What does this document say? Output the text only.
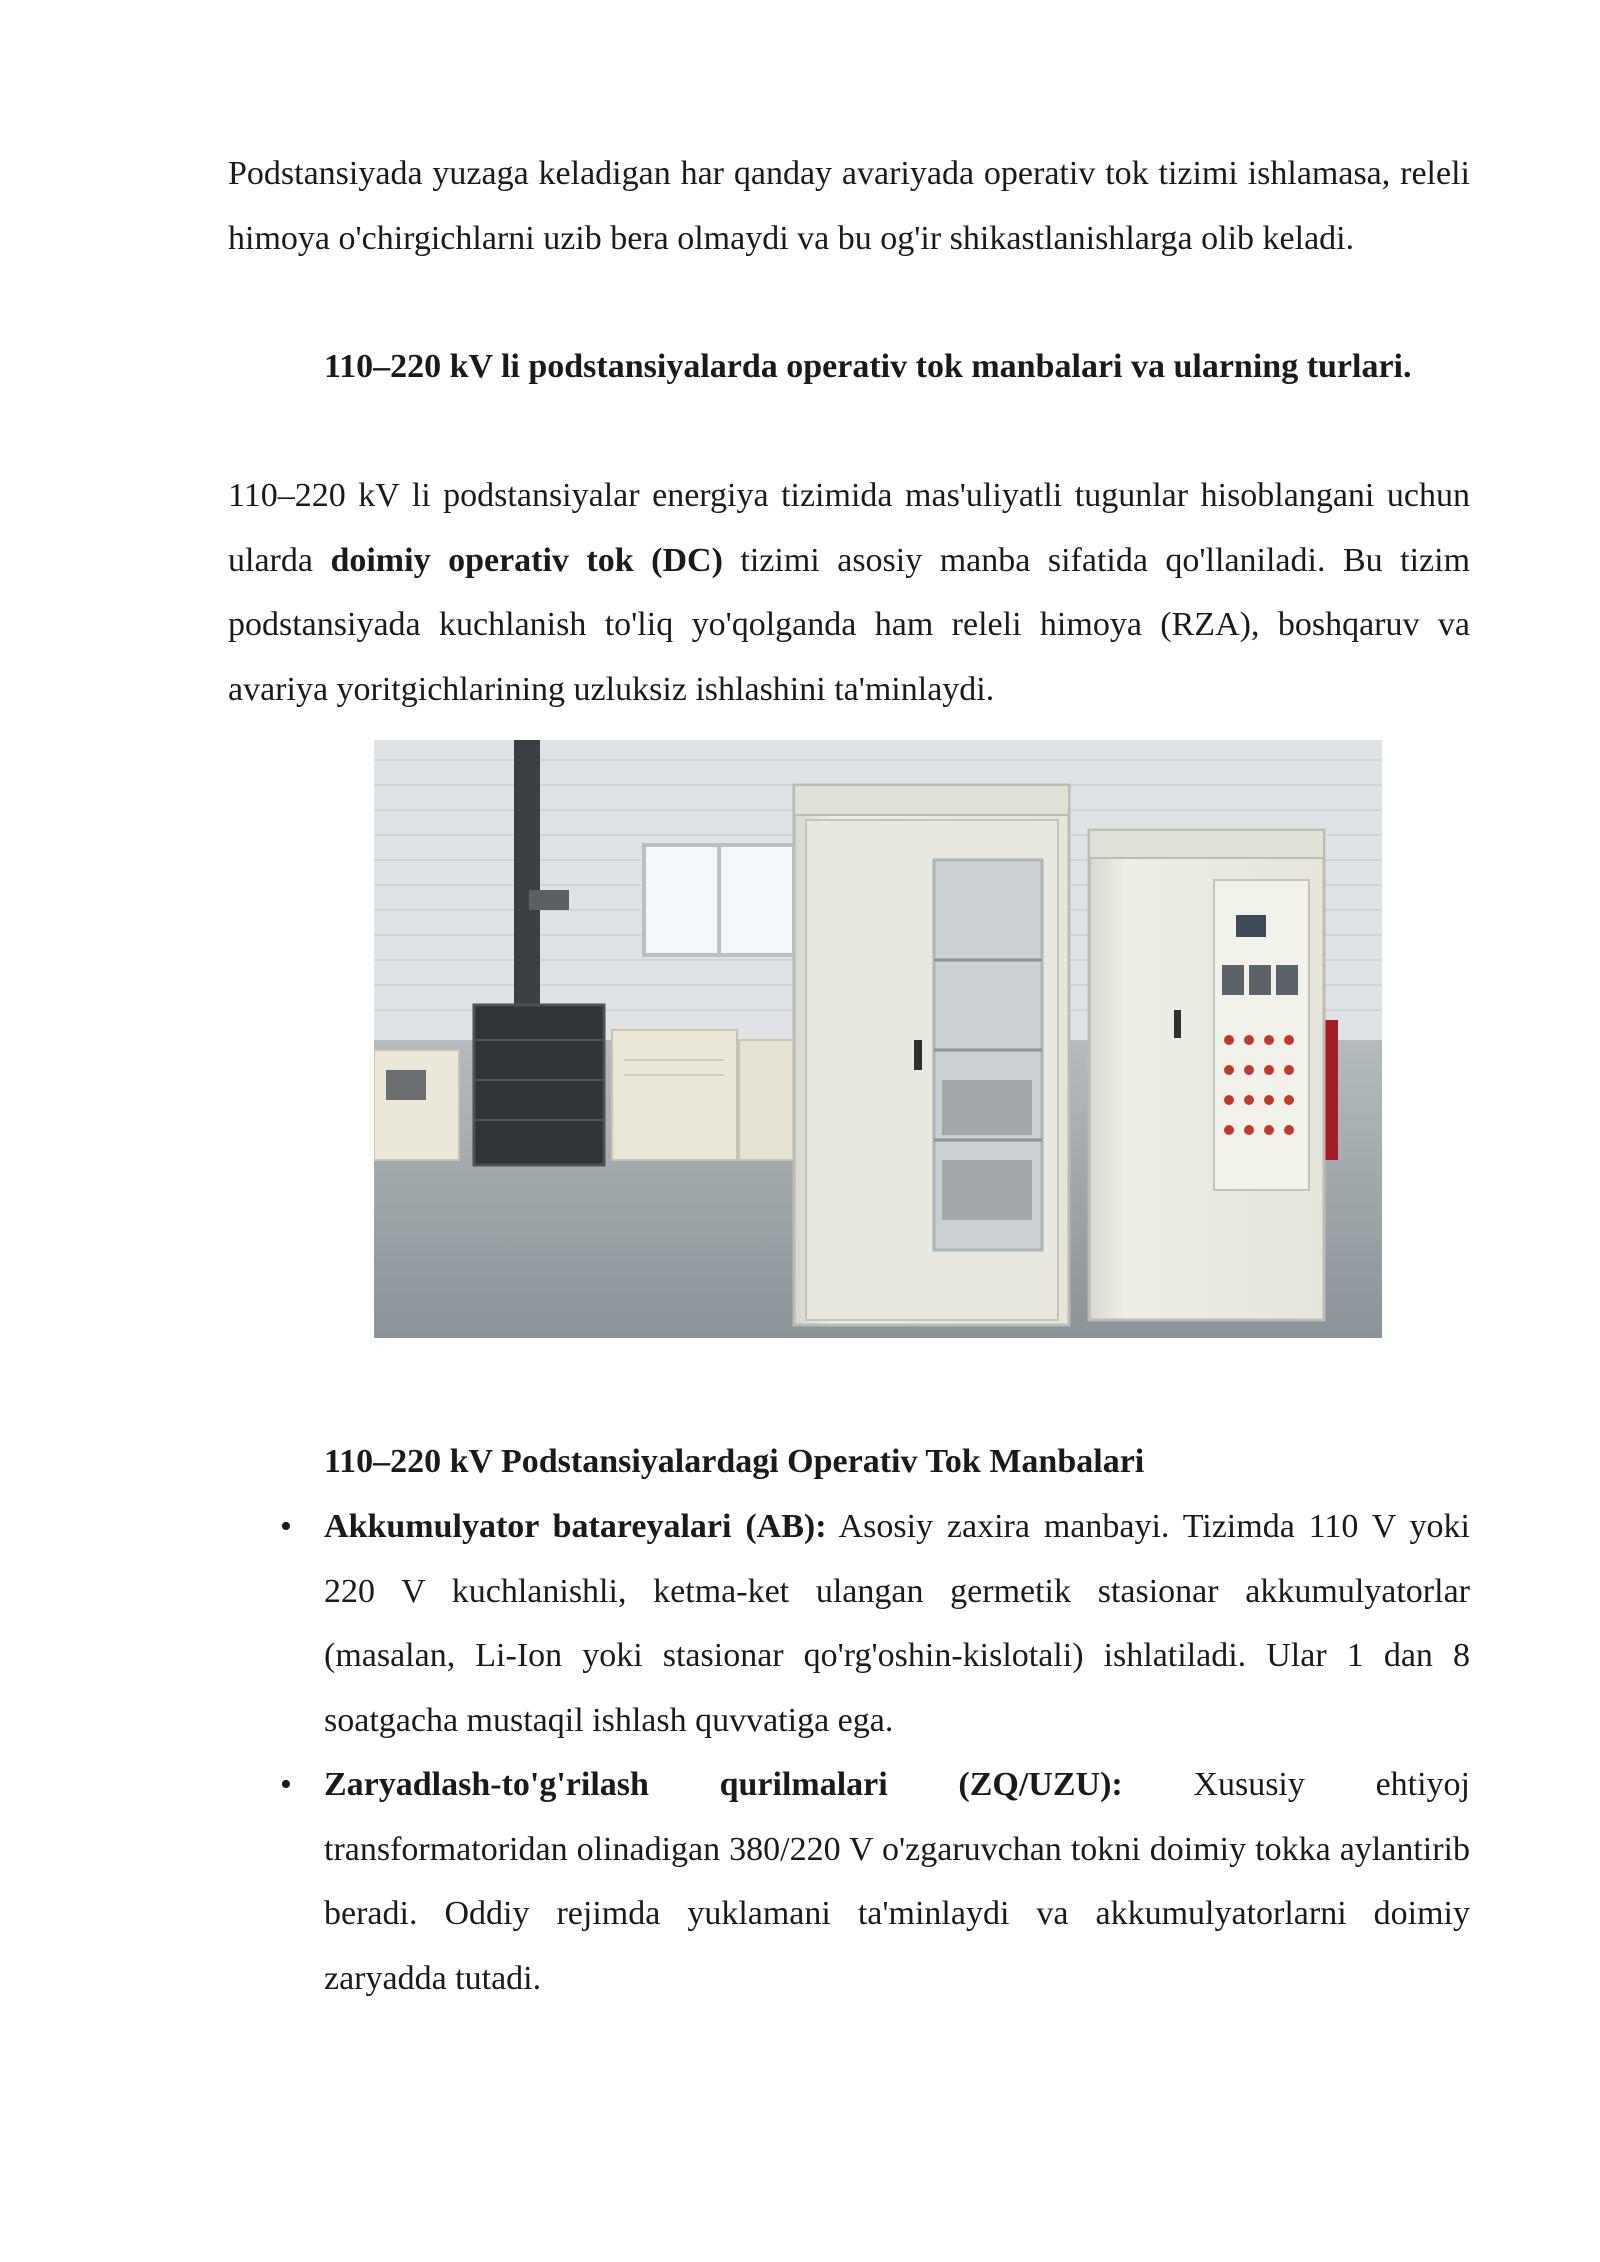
Podstansiyada yuzaga keladigan har qanday avariyada operativ tok tizimi ishlamasa, releli himoya o'chirgichlarni uzib bera olmaydi va bu og'ir shikastlanishlarga olib keladi.

110–220 kV li podstansiyalarda operativ tok manbalari va ularning turlari.

110–220 kV li podstansiyalar energiya tizimida mas'uliyatli tugunlar hisoblangani uchun ularda doimiy operativ tok (DC) tizimi asosiy manba sifatida qo'llaniladi. Bu tizim podstansiyada kuchlanish to'liq yo'qolganda ham releli himoya (RZA), boshqaruv va avariya yoritgichlarining uzluksiz ishlashini ta'minlaydi.

110–220 kV Podstansiyalardagi Operativ Tok Manbalari
• Akkumulyator batareyalari (AB): Asosiy zaxira manbayi. Tizimda 110 V yoki 220 V kuchlanishli, ketma-ket ulangan germetik stasionar akkumulyatorlar (masalan, Li-Ion yoki stasionar qo'rg'oshin-kislotali) ishlatiladi. Ular 1 dan 8 soatgacha mustaqil ishlash quvvatiga ega.
• Zaryadlash-to'g'rilash qurilmalari (ZQ/UZU): Xususiy ehtiyoj transformatoridan olinadigan 380/220 V o'zgaruvchan tokni doimiy tokka aylantirib beradi. Oddiy rejimda yuklamani ta'minlaydi va akkumulyatorlarni doimiy zaryadda tutadi.
